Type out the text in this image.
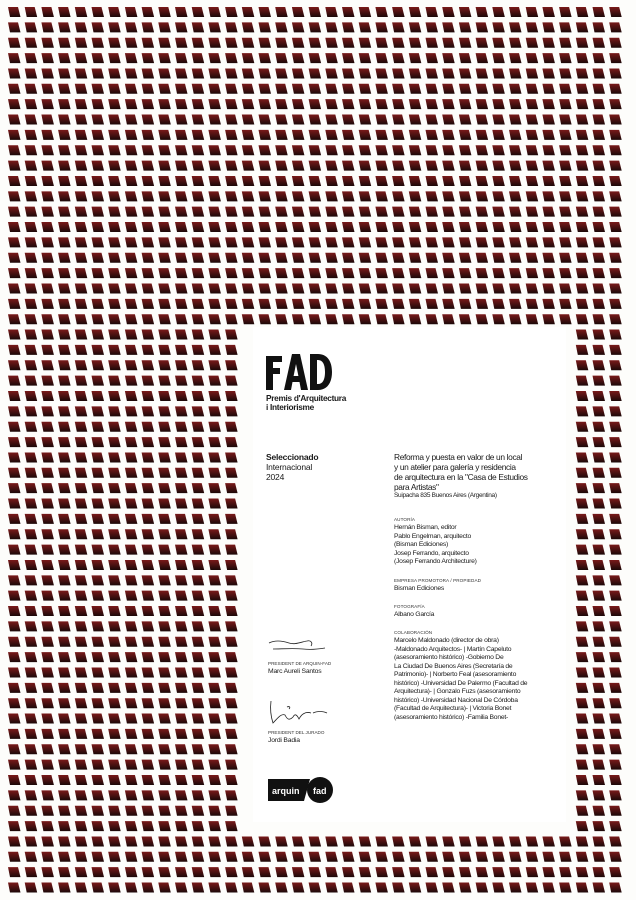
Premis d'Arquitectura
i Interiorisme
Seleccionado
Internacional
2024
Reforma y puesta en valor de un local
y un atelier para galería y residencia
de arquitectura en la "Casa de Estudios
para Artistas"
Suipacha 835 Buenos Aires (Argentina)
AUTORÍA
Hernán Bisman, editor
Pablo Engelman, arquitecto
(Bisman Ediciones)
Josep Ferrando, arquitecto
(Josep Ferrando Architecture)
EMPRESA PROMOTORA / PROPIEDAD
Bisman Ediciones
FOTOGRAFÍA
Albano García
COLABORACIÓN
Marcelo Maldonado (director de obra)
-Maldonado Arquitectos- | Martín Capeluto
(asesoramiento histórico) -Gobierno De
La Ciudad De Buenos Aires (Secretaría de
Patrimonio)- | Norberto Feal (asesoramiento
histórico) -Universidad De Palermo (Facultad de
Arquitectura)- | Gonzalo Fuzs (asesoramiento
histórico) -Universidad Nacional De Córdoba
(Facultad de Arquitectura)- | Victoria Bonet
(asesoramiento histórico) -Familia Bonet-
PRESIDENT DE ARQUIN-FAD
Marc Aureli Santos
PRESIDENT DEL JURADO
Jordi Badia
arquin fad
